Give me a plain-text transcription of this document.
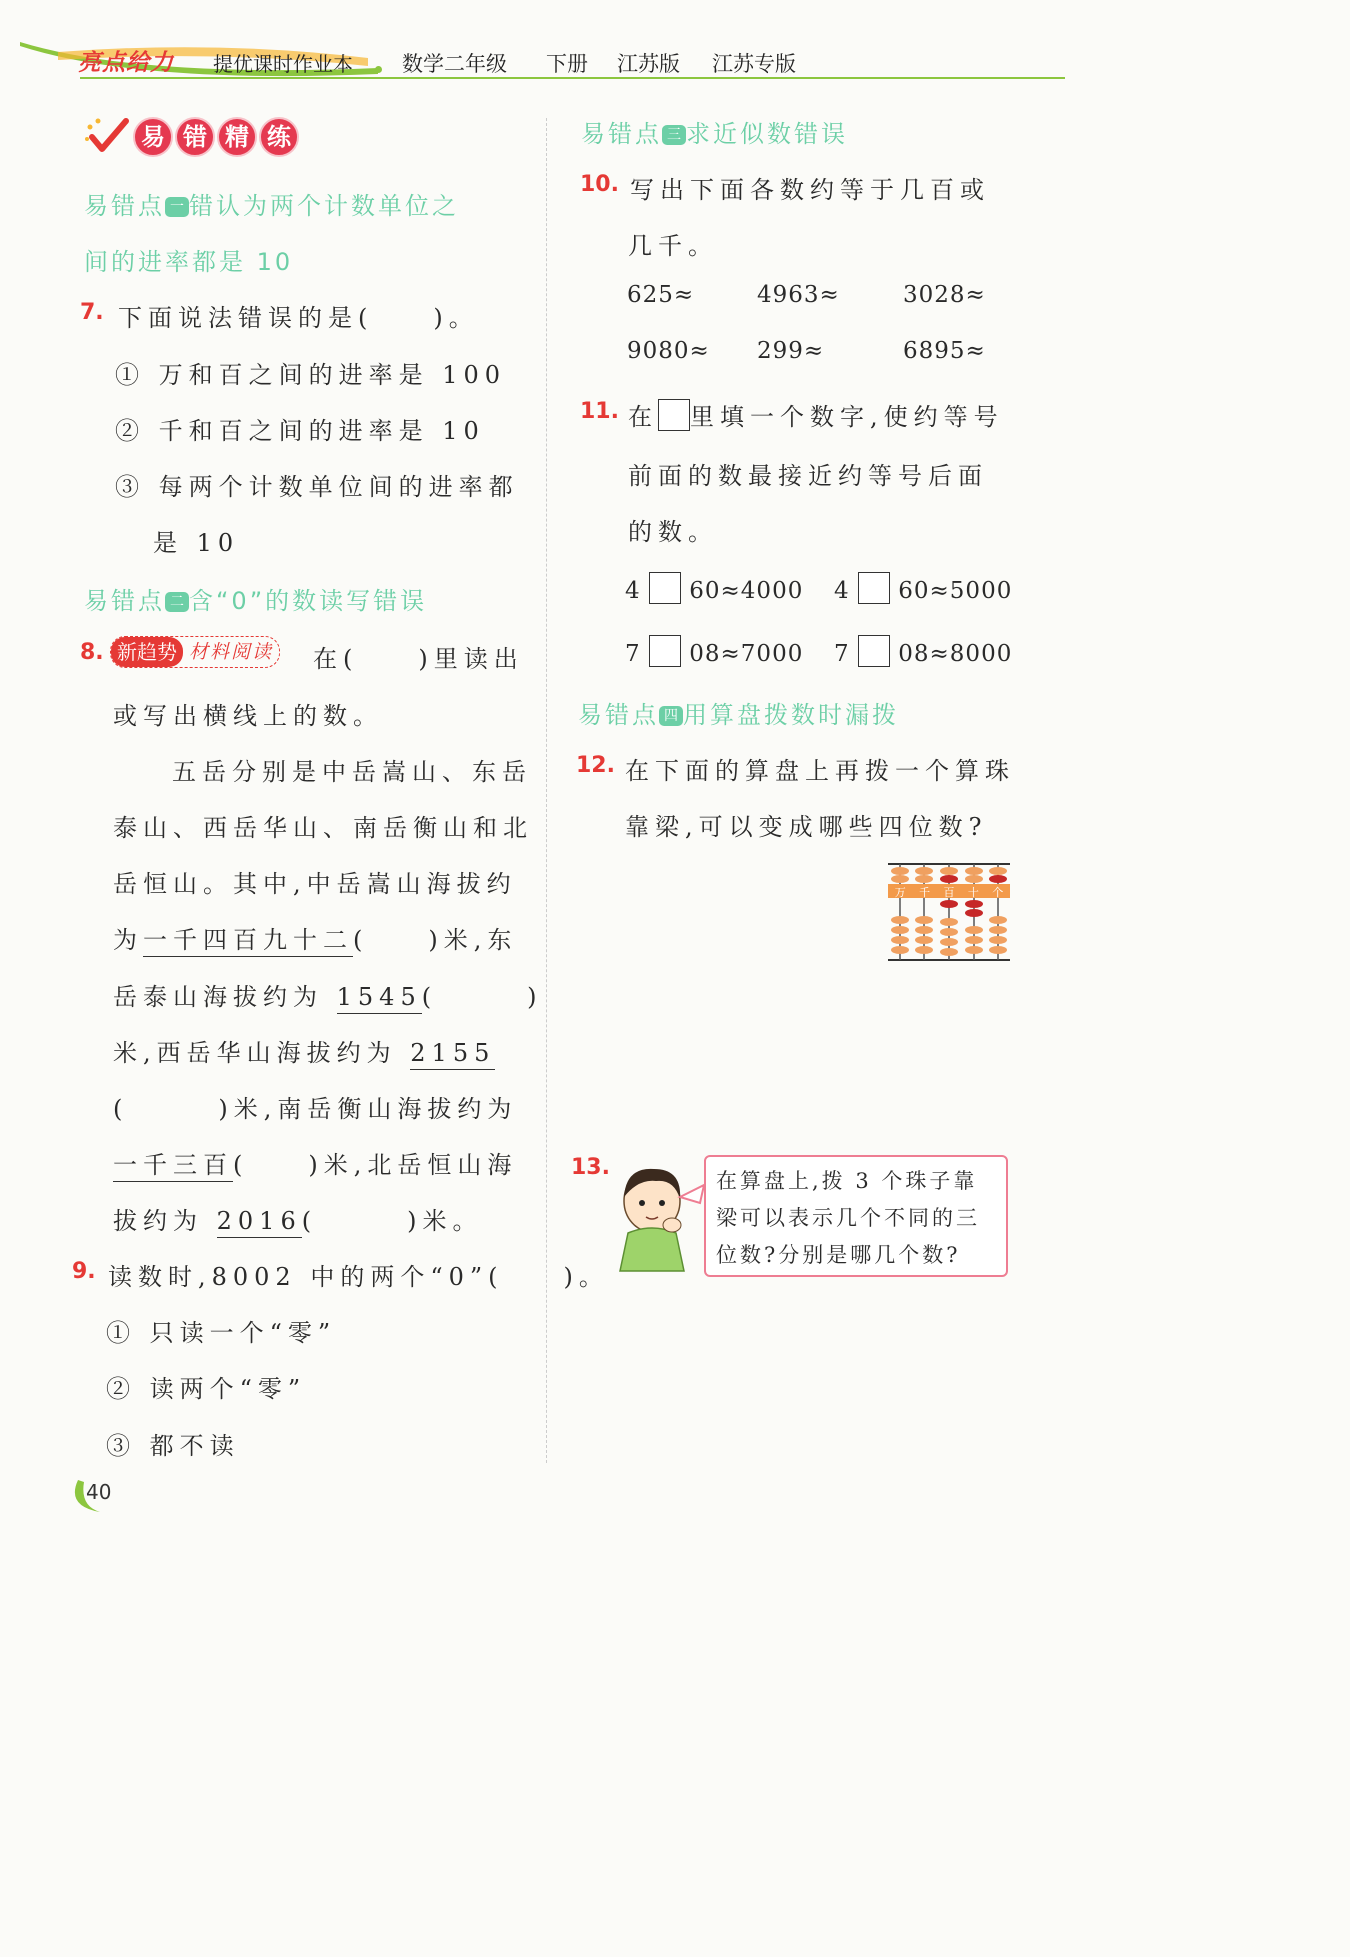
亮点给力 提优课时作业本 数学二年级 下册 江苏版 江苏专版
易 错 精 练
易错点 一 错认为两个计数单位之
间的进率都是 10
7. 下面说法错误的是(　　)。
① 万和百之间的进率是 100
② 千和百之间的进率是 10
③ 每两个计数单位间的进率都
是 10
易错点 二 含“0”的数读写错误
8. 新趋势 材料阅读 在(　　)里读出
或写出横线上的数。
五岳分别是中岳嵩山、东岳
泰山、西岳华山、南岳衡山和北
岳恒山。其中,中岳嵩山海拔约
为一千四百九十二(　　)米,东
岳泰山海拔约为 1545(　　　)
米,西岳华山海拔约为 2155
(　　　)米,南岳衡山海拔约为
一千三百(　　)米,北岳恒山海
拔约为 2016(　　　)米。
9. 读数时,8002 中的两个“0”(　　)。
① 只读一个“零”
② 读两个“零”
③ 都不读
40
易错点 三 求近似数错误
10. 写出下面各数约等于几百或
几千。
625≈	4963≈	3028≈
9080≈ 299≈	6895≈
11. 在 里填一个数字,使约等号
前面的数最接近约等号后面
的数。
4 60≈4000 4 60≈5000
7 08≈7000 7 08≈8000
易错点 四 用算盘拨数时漏拨
12. 在下面的算盘上再拨一个算珠
靠梁,可以变成哪些四位数?
万 千 百 十 个
13.
在算盘上,拨 3 个珠子靠
梁可以表示几个不同的三
位数?分别是哪几个数?
